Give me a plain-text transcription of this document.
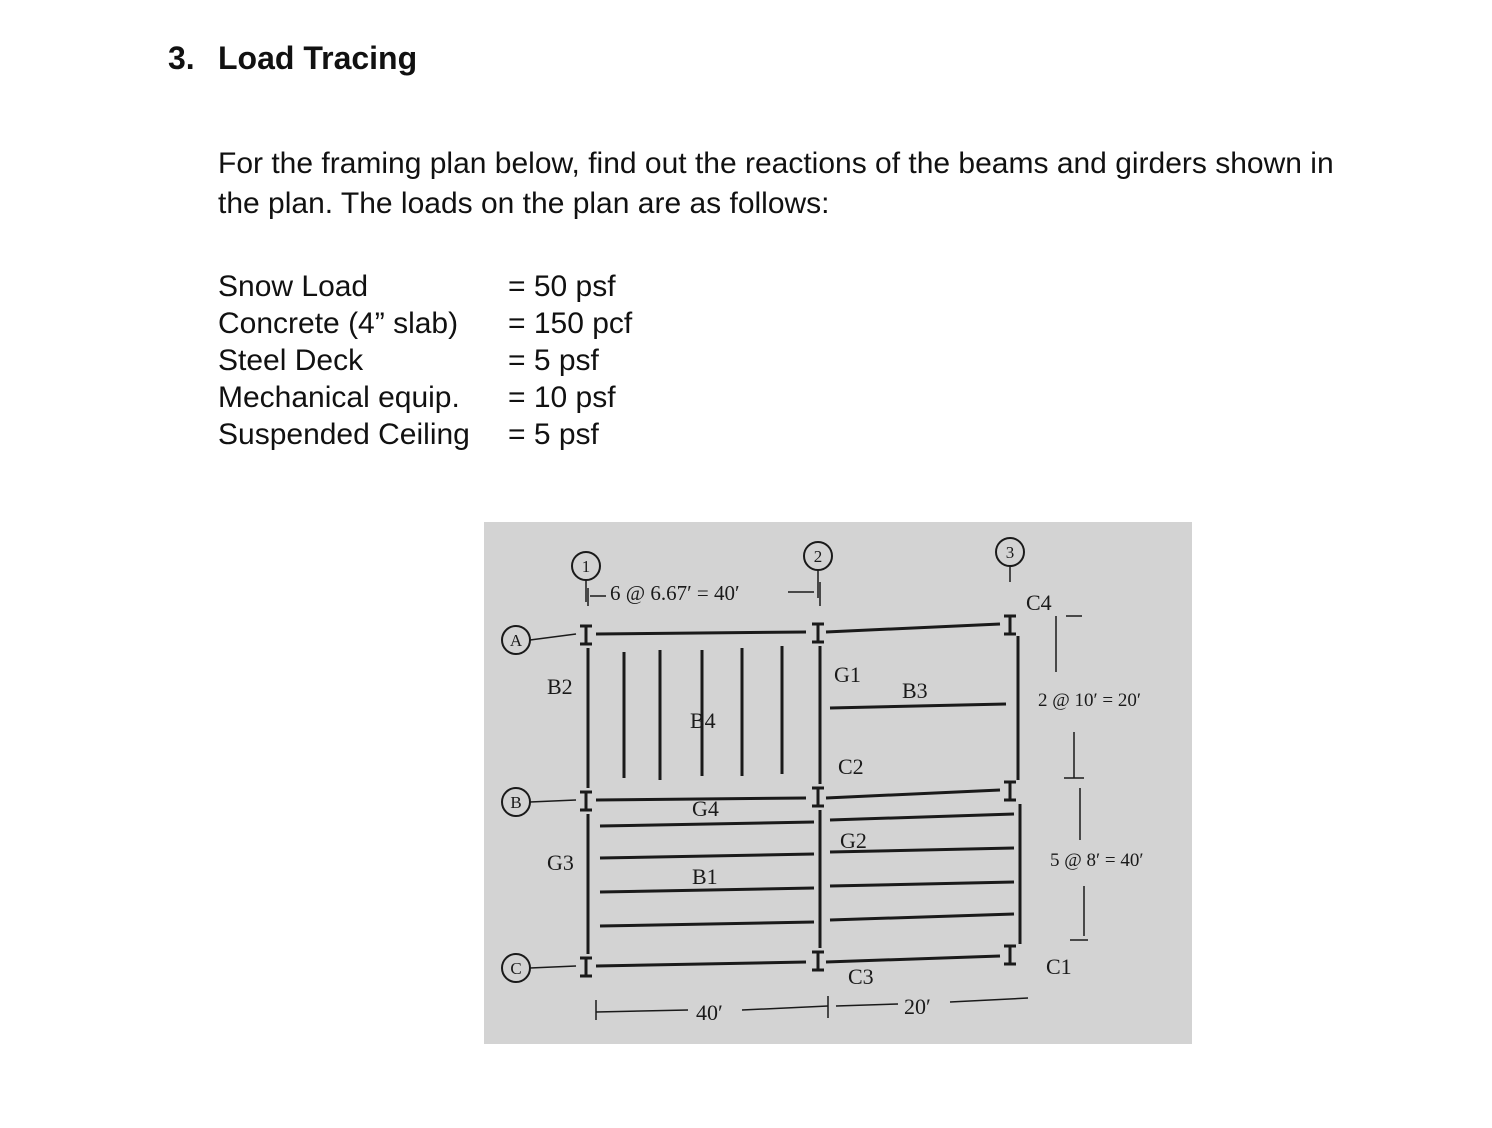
3. Load Tracing
For the framing plan below, find out the reactions of the beams and girders shown in the plan. The loads on the plan are as follows:
Snow Load	= 50 psf
Concrete (4” slab)	= 150 pcf
Steel Deck	= 5 psf
Mechanical equip.	= 10 psf
Suspended Ceiling	= 5 psf
1
2	3
A
B
C
B2
B4
G1
B3
C2
G4
G2
G3
B1
C3	C1
C4
6 @ 6.67′ = 40′
2 @ 10′ = 20′
5 @ 8′ = 40′
40′	20′
